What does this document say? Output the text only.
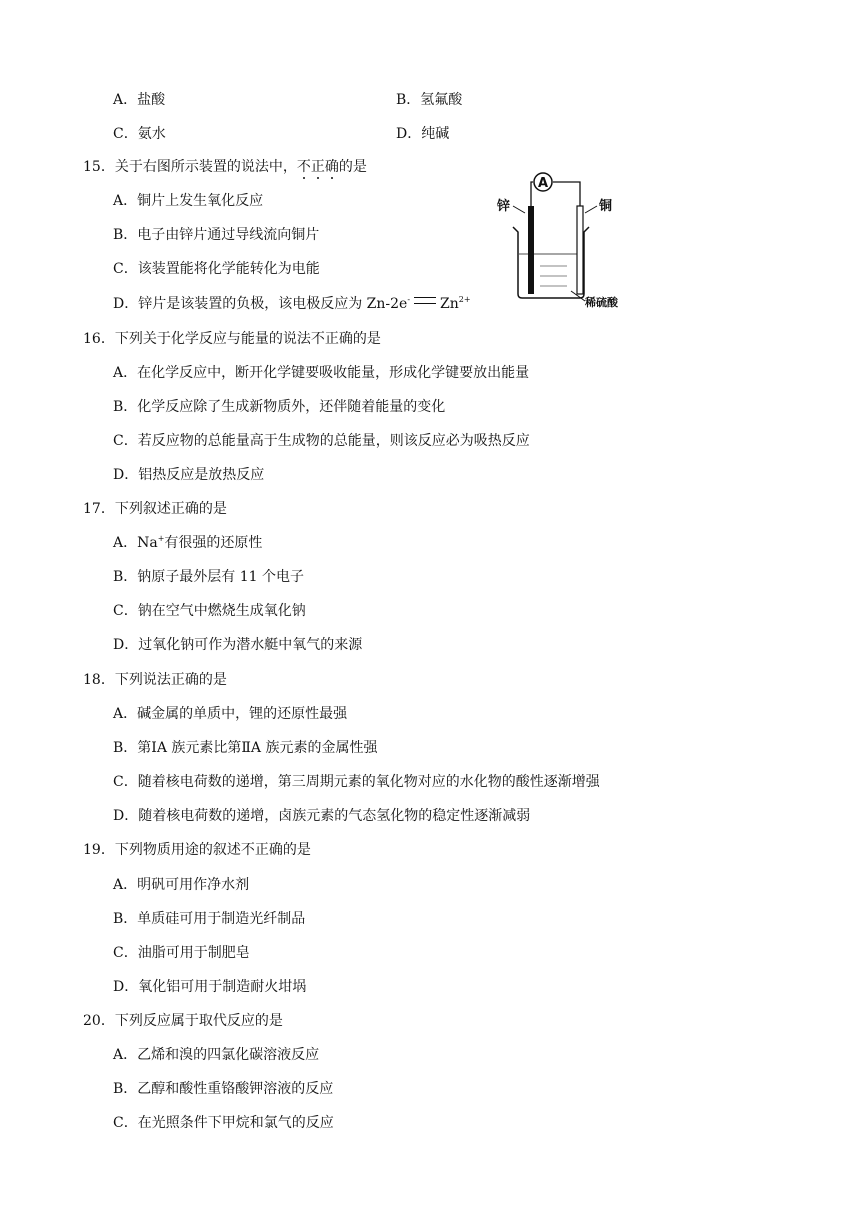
A．盐酸	B．氢氟酸
C．氨水	D．纯碱
15．关于右图所示装置的说法中，不正确的是
A．铜片上发生氧化反应
B．电子由锌片通过导线流向铜片
C．该装置能将化学能转化为电能
D．锌片是该装置的负极，该电极反应为 Zn-2e- $Zn^{2+}$
A
锌	铜
稀硫酸
16．下列关于化学反应与能量的说法不正确的是
A．在化学反应中，断开化学键要吸收能量，形成化学键要放出能量
B．化学反应除了生成新物质外，还伴随着能量的变化
C．若反应物的总能量高于生成物的总能量，则该反应必为吸热反应
D．铝热反应是放热反应
17．下列叙述正确的是
A．Na+有很强的还原性
B．钠原子最外层有 11 个电子
C．钠在空气中燃烧生成氧化钠
D．过氧化钠可作为潜水艇中氧气的来源
18．下列说法正确的是
A．碱金属的单质中，锂的还原性最强
B．第ⅠA 族元素比第ⅡA 族元素的金属性强
C．随着核电荷数的递增，第三周期元素的氧化物对应的水化物的酸性逐渐增强
D．随着核电荷数的递增，卤族元素的气态氢化物的稳定性逐渐减弱
19．下列物质用途的叙述不正确的是
A．明矾可用作净水剂
B．单质硅可用于制造光纤制品
C．油脂可用于制肥皂
D．氧化铝可用于制造耐火坩埚
20．下列反应属于取代反应的是
A．乙烯和溴的四氯化碳溶液反应
B．乙醇和酸性重铬酸钾溶液的反应
C．在光照条件下甲烷和氯气的反应
